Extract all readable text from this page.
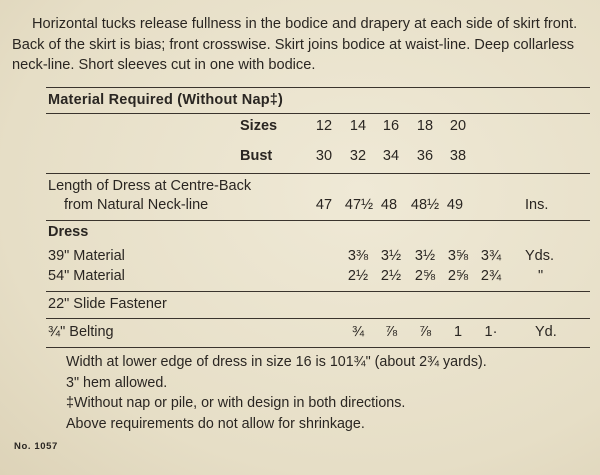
Horizontal tucks release fullness in the bodice and drapery at each side of skirt front. Back of the skirt is bias; front crosswise. Skirt joins bodice at waist-line. Deep collarless neck-line. Short sleeves cut in one with bodice.

Material Required (Without Nap‡)
Sizes	12	14	16	18	20
Bust	30	32	34	36	38
Length of Dress at Centre-Back
from Natural Neck-line	47 47½ 48 48½ 49	Ins.
Dress
39" Material	3⅜ 3½ 3½ 3⅝ 3¾	Yds.
54" Material	2½ 2½ 2⅝ 2⅝ 2¾	"
22" Slide Fastener
¾" Belting	¾	⅞	⅞	1	1·	Yd.

Width at lower edge of dress in size 16 is 101¾" (about 2¾ yards).

3" hem allowed.

‡Without nap or pile, or with design in both directions.

Above requirements do not allow for shrinkage.

No. 1057
